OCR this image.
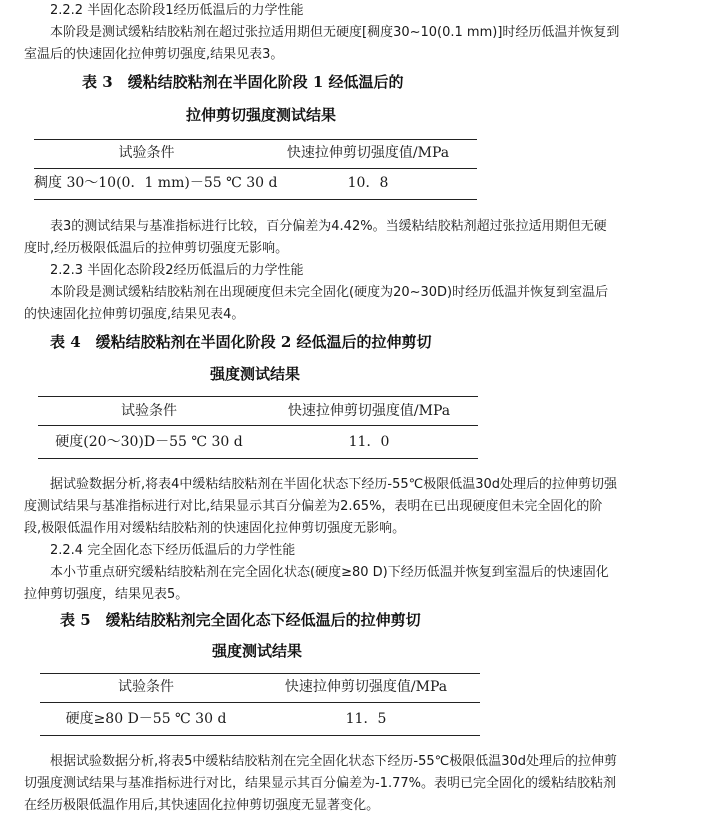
2.2.2 半固化态阶段1经历低温后的力学性能
本阶段是测试缓粘结胶粘剂在超过张拉适用期但无硬度[稠度30~10(0.1 mm)]时经历低温并恢复到
室温后的快速固化拉伸剪切强度,结果见表3。
表 3　缓粘结胶粘剂在半固化阶段 1 经低温后的
拉伸剪切强度测试结果
试验条件	快速拉伸剪切强度值/MPa
稠度 30～10(0．1 mm)－55 ℃ 30 d	10．8
表3的测试结果与基准指标进行比较，百分偏差为4.42%。当缓粘结胶粘剂超过张拉适用期但无硬
度时,经历极限低温后的拉伸剪切强度无影响。
2.2.3 半固化态阶段2经历低温后的力学性能
本阶段是测试缓粘结胶粘剂在出现硬度但未完全固化(硬度为20~30D)时经历低温并恢复到室温后
的快速固化拉伸剪切强度,结果见表4。
表 4　缓粘结胶粘剂在半固化阶段 2 经低温后的拉伸剪切
强度测试结果
试验条件	快速拉伸剪切强度值/MPa
硬度(20～30)D－55 ℃ 30 d	11．0
据试验数据分析,将表4中缓粘结胶粘剂在半固化状态下经历-55℃极限低温30d处理后的拉伸剪切强
度测试结果与基准指标进行对比,结果显示其百分偏差为2.65%，表明在已出现硬度但未完全固化的阶
段,极限低温作用对缓粘结胶粘剂的快速固化拉伸剪切强度无影响。
2.2.4 完全固化态下经历低温后的力学性能
本小节重点研究缓粘结胶粘剂在完全固化状态(硬度≥80 D)下经历低温并恢复到室温后的快速固化
拉伸剪切强度，结果见表5。
表 5　缓粘结胶粘剂完全固化态下经低温后的拉伸剪切
强度测试结果
试验条件	快速拉伸剪切强度值/MPa
硬度≥80 D－55 ℃ 30 d	11．5
根据试验数据分析,将表5中缓粘结胶粘剂在完全固化状态下经历-55℃极限低温30d处理后的拉伸剪
切强度测试结果与基准指标进行对比，结果显示其百分偏差为-1.77%。表明已完全固化的缓粘结胶粘剂
在经历极限低温作用后,其快速固化拉伸剪切强度无显著变化。
